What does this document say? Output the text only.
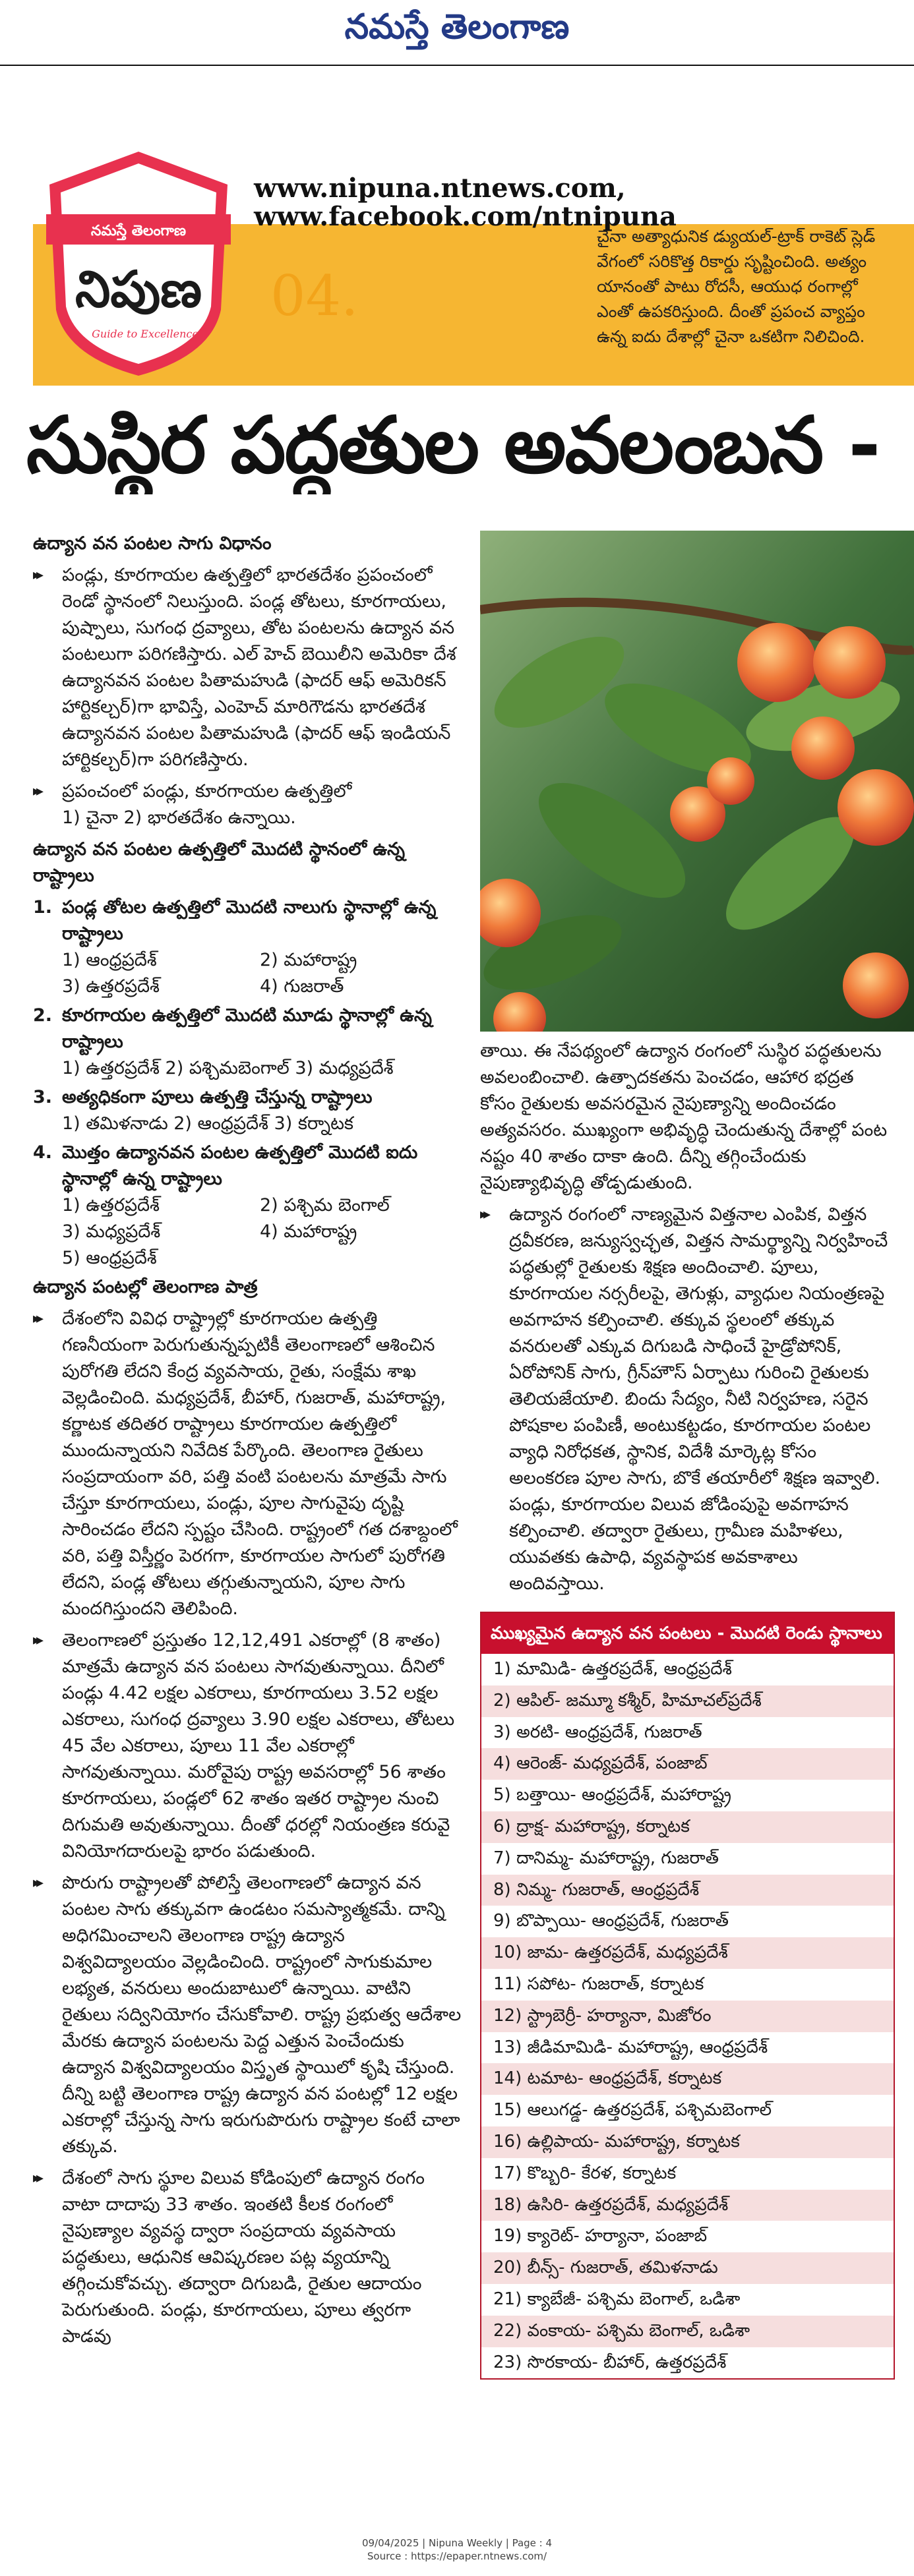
నమస్తే తెలంగాణ
www.nipuna.ntnews.com,
www.facebook.com/ntnipuna
నమస్తే తెలంగాణ
నిపుణ
Guide to Excellence
04.
చైనా అత్యాధునిక డ్యుయల్-ట్రాక్ రాకెట్ స్లెడ్
వేగంలో సరికొత్త రికార్డు సృష్టించింది. అత్యం
యానంతో పాటు రోదసీ, ఆయుధ రంగాల్లో
ఎంతో ఉపకరిస్తుంది. దీంతో ప్రపంచ వ్యాప్తం
ఉన్న ఐదు దేశాల్లో చైనా ఒకటిగా నిలిచింది.
సుస్థిర పద్ధతుల అవలంబన -

ఉద్యాన వన పంటల సాగు విధానం

▸▸ పండ్లు, కూరగాయల ఉత్పత్తిలో భారతదేశం ప్రపంచంలో రెండో స్థానంలో నిలుస్తుంది. పండ్ల తోటలు, కూరగాయలు, పుష్పాలు, సుగంధ ద్రవ్యాలు, తోట పంటలను ఉద్యాన వన పంటలుగా పరిగణిస్తారు. ఎల్ హెచ్ బెయిలీని అమెరికా దేశ ఉద్యానవన పంటల పితామహుడి (ఫాదర్ ఆఫ్ అమెరికన్ హార్టికల్చర్)గా భావిస్తే, ఎంహెచ్ మారిగౌడను భారతదేశ ఉద్యానవన పంటల పితామహుడి (ఫాదర్ ఆఫ్ ఇండియన్ హార్టికల్చర్)గా పరిగణిస్తారు.

▸▸ ప్రపంచంలో పండ్లు, కూరగాయల ఉత్పత్తిలో

1) చైనా 2) భారతదేశం ఉన్నాయి.

ఉద్యాన వన పంటల ఉత్పత్తిలో మొదటి స్థానంలో ఉన్న రాష్ట్రాలు

1. పండ్ల తోటల ఉత్పత్తిలో మొదటి నాలుగు స్థానాల్లో ఉన్న రాష్ట్రాలు
1) ఆంధ్రప్రదేశ్	2) మహారాష్ట్ర
3) ఉత్తరప్రదేశ్	4) గుజరాత్
2. కూరగాయల ఉత్పత్తిలో మొదటి మూడు స్థానాల్లో ఉన్న రాష్ట్రాలు
1) ఉత్తరప్రదేశ్ 2) పశ్చిమబెంగాల్ 3) మధ్యప్రదేశ్
3. అత్యధికంగా పూలు ఉత్పత్తి చేస్తున్న రాష్ట్రాలు
1) తమిళనాడు 2) ఆంధ్రప్రదేశ్ 3) కర్నాటక
4. మొత్తం ఉద్యానవన పంటల ఉత్పత్తిలో మొదటి ఐదు స్థానాల్లో ఉన్న రాష్ట్రాలు
1) ఉత్తరప్రదేశ్	2) పశ్చిమ బెంగాల్
3) మధ్యప్రదేశ్	4) మహారాష్ట్ర
5) ఆంధ్రప్రదేశ్

ఉద్యాన పంటల్లో తెలంగాణ పాత్ర

▸▸ దేశంలోని వివిధ రాష్ట్రాల్లో కూరగాయల ఉత్పత్తి గణనీయంగా పెరుగుతున్నప్పటికీ తెలంగాణలో ఆశించిన పురోగతి లేదని కేంద్ర వ్యవసాయ, రైతు, సంక్షేమ శాఖ వెల్లడించింది. మధ్యప్రదేశ్, బీహార్, గుజరాత్, మహారాష్ట్ర, కర్ణాటక తదితర రాష్ట్రాలు కూరగాయల ఉత్పత్తిలో ముందున్నాయని నివేదిక పేర్కొంది. తెలంగాణ రైతులు సంప్రదాయంగా వరి, పత్తి వంటి పంటలను మాత్రమే సాగు చేస్తూ కూరగాయలు, పండ్లు, పూల సాగువైపు దృష్టి సారించడం లేదని స్పష్టం చేసింది. రాష్ట్రంలో గత దశాబ్దంలో వరి, పత్తి విస్తీర్ణం పెరగగా, కూరగాయల సాగులో పురోగతి లేదని, పండ్ల తోటలు తగ్గుతున్నాయని, పూల సాగు మందగిస్తుందని తెలిపింది.

▸▸ తెలంగాణలో ప్రస్తుతం 12,12,491 ఎకరాల్లో (8 శాతం) మాత్రమే ఉద్యాన వన పంటలు సాగవుతున్నాయి. దీనిలో పండ్లు 4.42 లక్షల ఎకరాలు, కూరగాయలు 3.52 లక్షల ఎకరాలు, సుగంధ ద్రవ్యాలు 3.90 లక్షల ఎకరాలు, తోటలు 45 వేల ఎకరాలు, పూలు 11 వేల ఎకరాల్లో సాగవుతున్నాయి. మరోవైపు రాష్ట్ర అవసరాల్లో 56 శాతం కూరగాయలు, పండ్లలో 62 శాతం ఇతర రాష్ట్రాల నుంచి దిగుమతి అవుతున్నాయి. దీంతో ధరల్లో నియంత్రణ కరువై వినియోగదారులపై భారం పడుతుంది.

▸▸ పొరుగు రాష్ట్రాలతో పోలిస్తే తెలంగాణలో ఉద్యాన వన పంటల సాగు తక్కువగా ఉండటం సమస్యాత్మకమే. దాన్ని అధిగమించాలని తెలంగాణ రాష్ట్ర ఉద్యాన విశ్వవిద్యాలయం వెల్లడించింది. రాష్ట్రంలో సాగుకుమాల లభ్యత, వనరులు అందుబాటులో ఉన్నాయి. వాటిని రైతులు సద్వినియోగం చేసుకోవాలి. రాష్ట్ర ప్రభుత్వ ఆదేశాల మేరకు ఉద్యాన పంటలను పెద్ద ఎత్తున పెంచేందుకు ఉద్యాన విశ్వవిద్యాలయం విస్తృత స్థాయిలో కృషి చేస్తుంది. దీన్ని బట్టి తెలంగాణ రాష్ట్ర ఉద్యాన వన పంటల్లో 12 లక్షల ఎకరాల్లో చేస్తున్న సాగు ఇరుగుపొరుగు రాష్ట్రాల కంటే చాలా తక్కువ.

▸▸ దేశంలో సాగు స్థూల విలువ కోడింపులో ఉద్యాన రంగం వాటా దాదాపు 33 శాతం. ఇంతటి కీలక రంగంలో నైపుణ్యాల వ్యవస్థ ద్వారా సంప్రదాయ వ్యవసాయ పద్ధతులు, ఆధునిక ఆవిష్కరణల పట్ల వ్యయాన్ని తగ్గించుకోవచ్చు. తద్వారా దిగుబడి, రైతుల ఆదాయం పెరుగుతుంది. పండ్లు, కూరగాయలు, పూలు త్వరగా పాడవు

తాయి. ఈ నేపథ్యంలో ఉద్యాన రంగంలో సుస్థిర పద్ధతులను అవలంబించాలి. ఉత్పాదకతను పెంచడం, ఆహార భద్రత కోసం రైతులకు అవసరమైన నైపుణ్యాన్ని అందించడం అత్యవసరం. ముఖ్యంగా అభివృద్ధి చెందుతున్న దేశాల్లో పంట నష్టం 40 శాతం దాకా ఉంది. దీన్ని తగ్గించేందుకు నైపుణ్యాభివృద్ధి తోడ్పడుతుంది.

▸▸ ఉద్యాన రంగంలో నాణ్యమైన విత్తనాల ఎంపిక, విత్తన ద్రవీకరణ, జన్యుస్వచ్ఛత, విత్తన సామర్థ్యాన్ని నిర్వహించే పద్ధతుల్లో రైతులకు శిక్షణ అందించాలి. పూలు, కూరగాయల నర్సరీలపై, తెగుళ్లు, వ్యాధుల నియంత్రణపై అవగాహన కల్పించాలి. తక్కువ స్థలంలో తక్కువ వనరులతో ఎక్కువ దిగుబడి సాధించే హైడ్రోపోనిక్, ఏరోపోనిక్ సాగు, గ్రీన్‌హౌస్ ఏర్పాటు గురించి రైతులకు తెలియజేయాలి. బిందు సేద్యం, నీటి నిర్వహణ, సరైన పోషకాల పంపిణీ, అంటుకట్టడం, కూరగాయల పంటల వ్యాధి నిరోధకత, స్థానిక, విదేశీ మార్కెట్ల కోసం అలంకరణ పూల సాగు, బొకే తయారీలో శిక్షణ ఇవ్వాలి. పండ్లు, కూరగాయల విలువ జోడింపుపై అవగాహన కల్పించాలి. తద్వారా రైతులు, గ్రామీణ మహిళలు, యువతకు ఉపాధి, వ్యవస్థాపక అవకాశాలు అందివస్తాయి.

ముఖ్యమైన ఉద్యాన వన పంటలు - మొదటి రెండు స్థానాలు
1) మామిడి- ఉత్తరప్రదేశ్, ఆంధ్రప్రదేశ్
2) ఆపిల్- జమ్మూ కశ్మీర్, హిమాచల్‌ప్రదేశ్
3) అరటి- ఆంధ్రప్రదేశ్, గుజరాత్
4) ఆరెంజ్- మధ్యప్రదేశ్, పంజాబ్
5) బత్తాయి- ఆంధ్రప్రదేశ్, మహారాష్ట్ర
6) ద్రాక్ష- మహారాష్ట్ర, కర్నాటక
7) దానిమ్మ- మహారాష్ట్ర, గుజరాత్
8) నిమ్మ- గుజరాత్, ఆంధ్రప్రదేశ్
9) బొప్పాయి- ఆంధ్రప్రదేశ్, గుజరాత్
10) జామ- ఉత్తరప్రదేశ్, మధ్యప్రదేశ్
11) సపోట- గుజరాత్, కర్నాటక
12) స్ట్రాబెర్రీ- హర్యానా, మిజోరం
13) జీడిమామిడి- మహారాష్ట్ర, ఆంధ్రప్రదేశ్
14) టమాట- ఆంధ్రప్రదేశ్, కర్నాటక
15) ఆలుగడ్డ- ఉత్తరప్రదేశ్, పశ్చిమబెంగాల్
16) ఉల్లిపాయ- మహారాష్ట్ర, కర్నాటక
17) కొబ్బరి- కేరళ, కర్నాటక
18) ఉసిరి- ఉత్తరప్రదేశ్, మధ్యప్రదేశ్
19) క్యారెట్- హర్యానా, పంజాబ్
20) బీన్స్- గుజరాత్, తమిళనాడు
21) క్యాబేజీ- పశ్చిమ బెంగాల్, ఒడిశా
22) వంకాయ- పశ్చిమ బెంగాల్, ఒడిశా
23) సొరకాయ- బీహార్, ఉత్తరప్రదేశ్
09/04/2025 | Nipuna Weekly | Page : 4
Source : https://epaper.ntnews.com/
